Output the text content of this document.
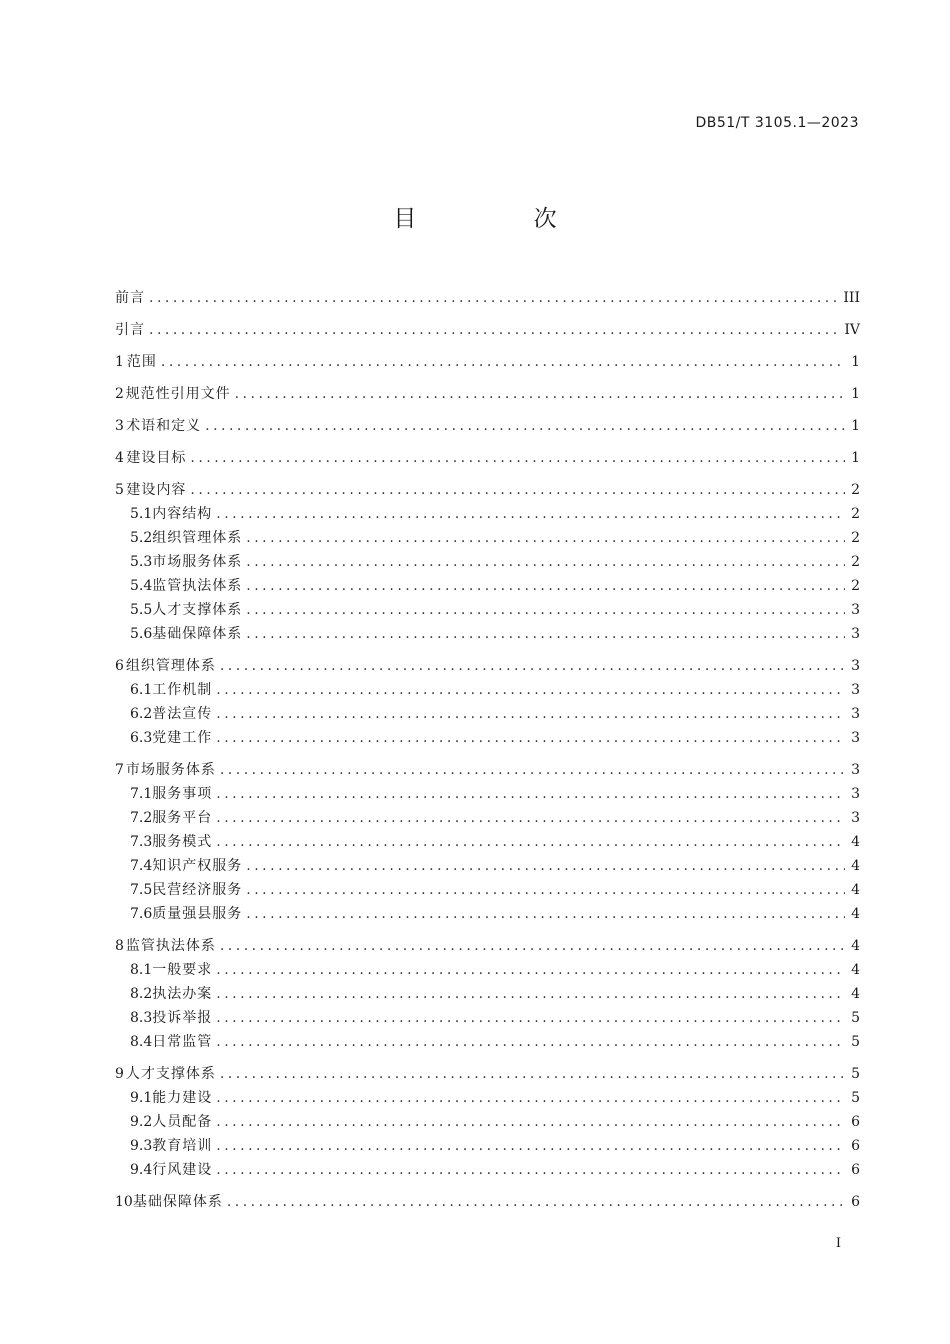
DB51/T 3105.1—2023
目 次
前言 .....	III
引言 .....	IV
1 范围 .....	1
2 规范性引用文件 .....	1
3 术语和定义 .....	1
4 建设目标 .....	1
5 建设内容 .....	2
5.1 内容结构 .....	2
5.2 组织管理体系 .....	2
5.3 市场服务体系 .....	2
5.4 监管执法体系 .....	2
5.5 人才支撑体系 .....	3
5.6 基础保障体系 .....	3
6 组织管理体系 .....	3
6.1 工作机制 .....	3
6.2 普法宣传 .....	3
6.3 党建工作 .....	3
7 市场服务体系 .....	3
7.1 服务事项 .....	3
7.2 服务平台 .....	3
7.3 服务模式 .....	4
7.4 知识产权服务 .....	4
7.5 民营经济服务 .....	4
7.6 质量强县服务 .....	4
8 监管执法体系 .....	4
8.1 一般要求 .....	4
8.2 执法办案 .....	4
8.3 投诉举报 .....	5
8.4 日常监管 .....	5
9 人才支撑体系 .....	5
9.1 能力建设 .....	5
9.2 人员配备 .....	6
9.3 教育培训 .....	6
9.4 行风建设 .....	6
10 基础保障体系 .....	6
I
